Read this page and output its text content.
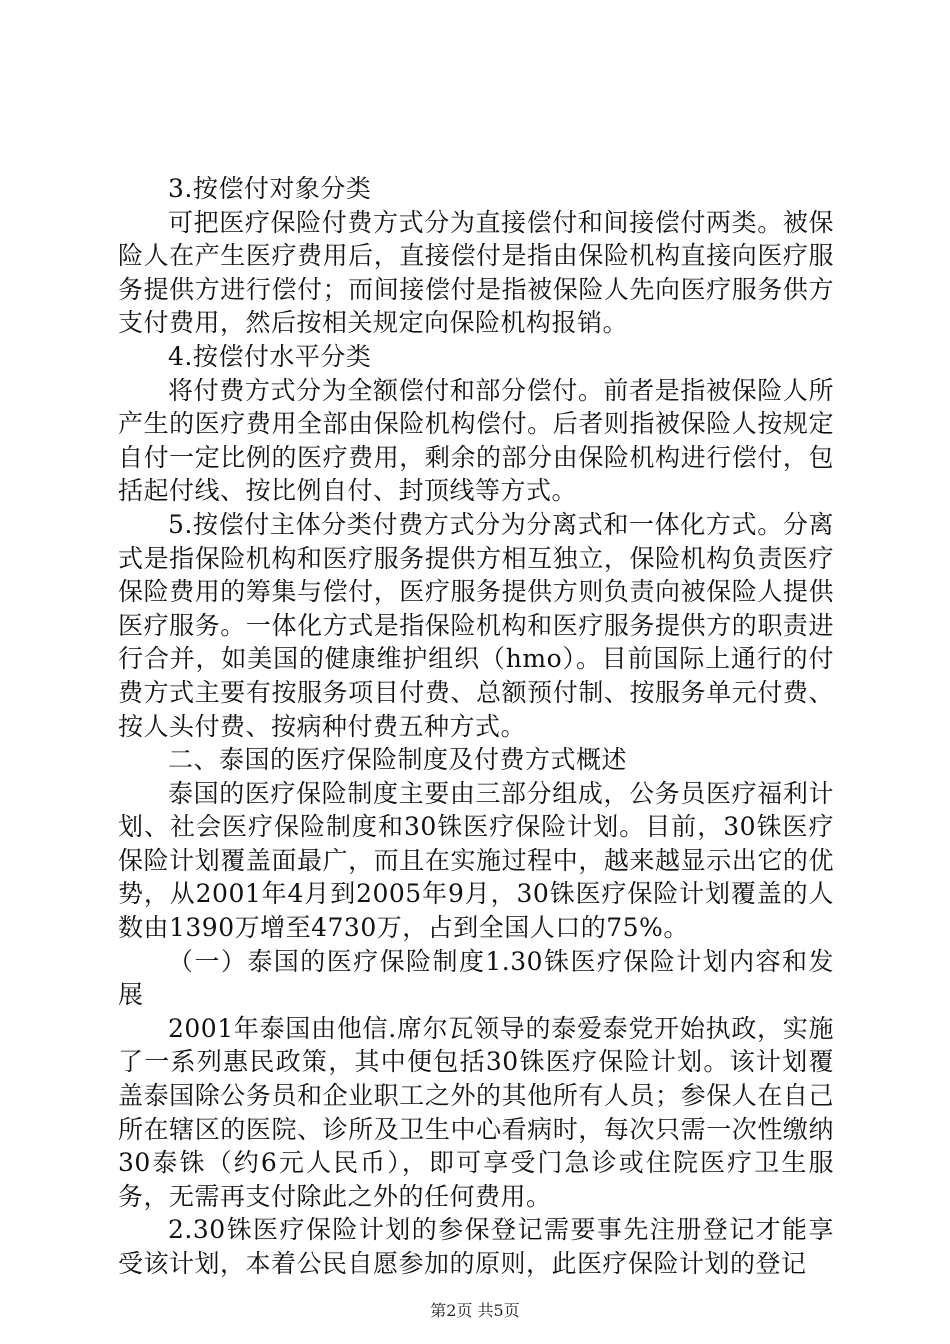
3.按偿付对象分类

可把医疗保险付费方式分为直接偿付和间接偿付两类。被保险人在产生医疗费用后，直接偿付是指由保险机构直接向医疗服务提供方进行偿付；而间接偿付是指被保险人先向医疗服务供方支付费用，然后按相关规定向保险机构报销。

4.按偿付水平分类

将付费方式分为全额偿付和部分偿付。前者是指被保险人所产生的医疗费用全部由保险机构偿付。后者则指被保险人按规定自付一定比例的医疗费用，剩余的部分由保险机构进行偿付，包括起付线、按比例自付、封顶线等方式。

5.按偿付主体分类付费方式分为分离式和一体化方式。分离式是指保险机构和医疗服务提供方相互独立，保险机构负责医疗保险费用的筹集与偿付，医疗服务提供方则负责向被保险人提供医疗服务。一体化方式是指保险机构和医疗服务提供方的职责进行合并，如美国的健康维护组织（hmo）。目前国际上通行的付费方式主要有按服务项目付费、总额预付制、按服务单元付费、按人头付费、按病种付费五种方式。

二、泰国的医疗保险制度及付费方式概述

泰国的医疗保险制度主要由三部分组成，公务员医疗福利计划、社会医疗保险制度和30铢医疗保险计划。目前，30铢医疗保险计划覆盖面最广，而且在实施过程中，越来越显示出它的优势，从2001年4月到2005年9月，30铢医疗保险计划覆盖的人数由1390万增至4730万，占到全国人口的75%。

（一）泰国的医疗保险制度1.30铢医疗保险计划内容和发展

2001年泰国由他信.席尔瓦领导的泰爱泰党开始执政，实施了一系列惠民政策，其中便包括30铢医疗保险计划。该计划覆盖泰国除公务员和企业职工之外的其他所有人员；参保人在自己所在辖区的医院、诊所及卫生中心看病时，每次只需一次性缴纳30泰铢（约6元人民币），即可享受门急诊或住院医疗卫生服务，无需再支付除此之外的任何费用。

2.30铢医疗保险计划的参保登记需要事先注册登记才能享受该计划，本着公民自愿参加的原则，此医疗保险计划的登记

第2页 共5页
